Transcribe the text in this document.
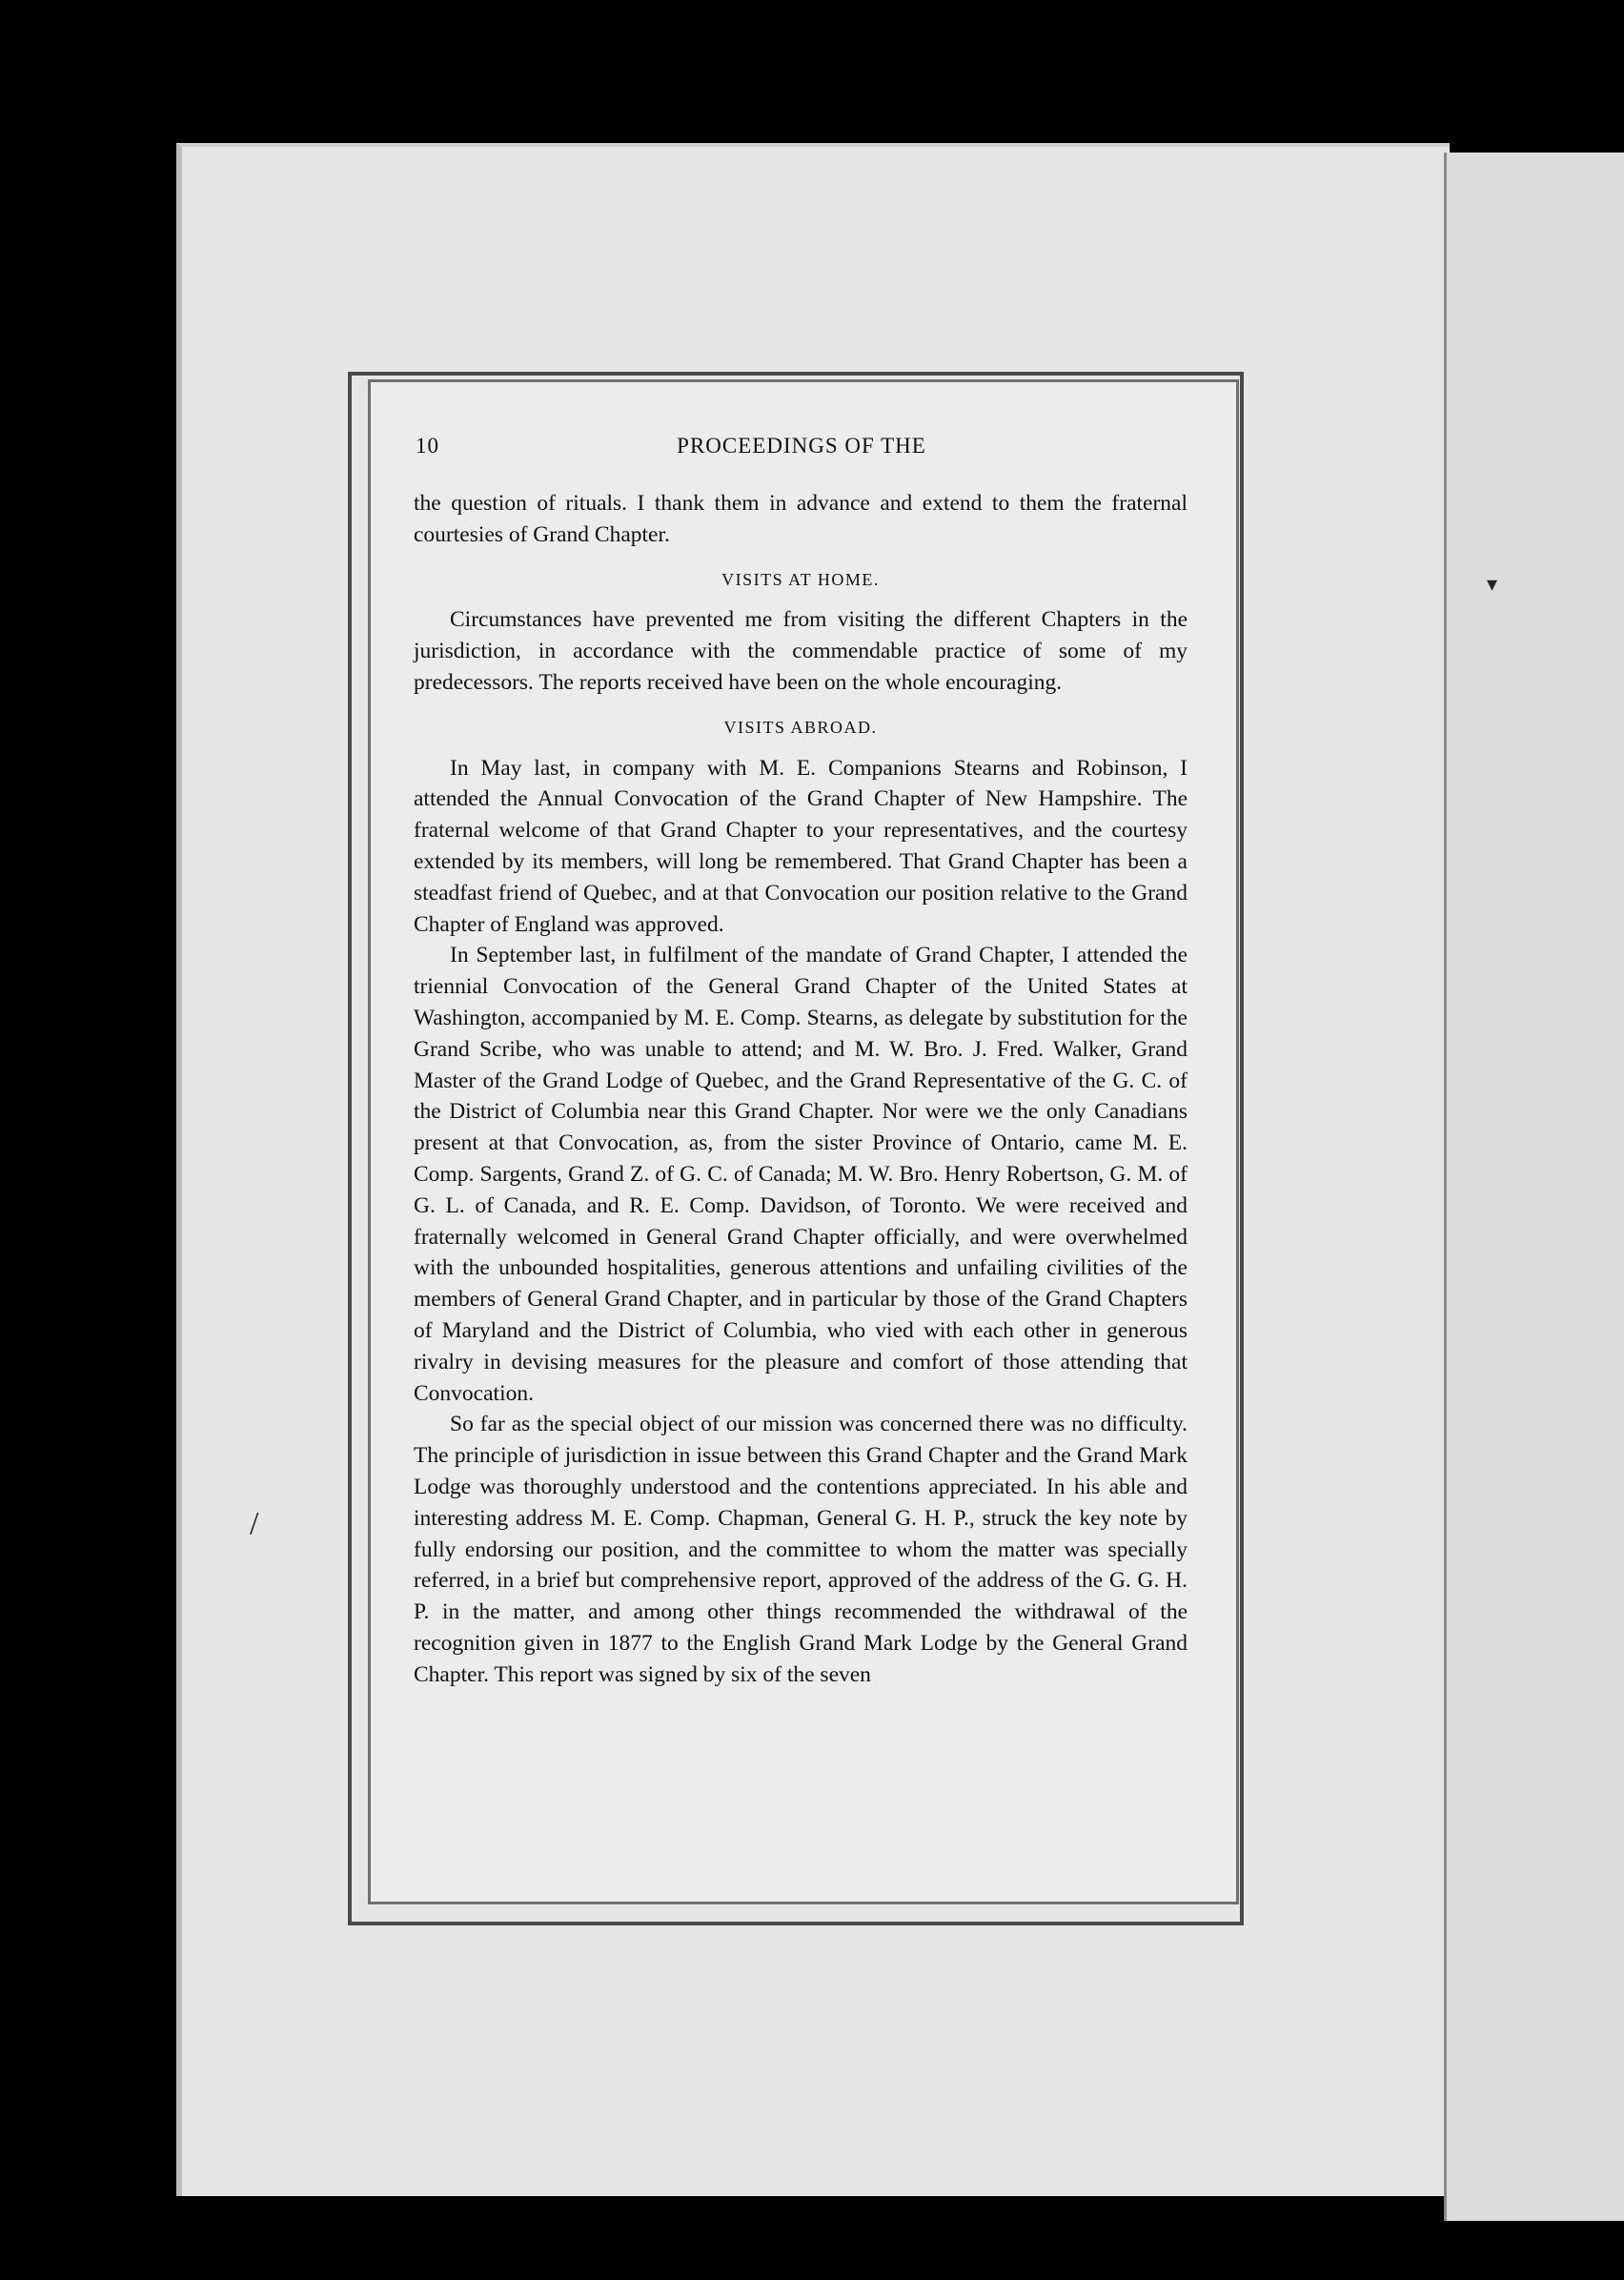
10	PROCEEDINGS OF THE

the question of rituals. I thank them in advance and extend to them the fraternal courtesies of Grand Chapter.

VISITS AT HOME.

Circumstances have prevented me from visiting the different Chapters in the jurisdiction, in accordance with the commendable practice of some of my predecessors. The reports received have been on the whole encouraging.

VISITS ABROAD.

In May last, in company with M. E. Companions Stearns and Robinson, I attended the Annual Convocation of the Grand Chapter of New Hampshire. The fraternal welcome of that Grand Chapter to your representatives, and the courtesy extended by its members, will long be remembered. That Grand Chapter has been a steadfast friend of Quebec, and at that Convocation our position relative to the Grand Chapter of England was approved.

In September last, in fulfilment of the mandate of Grand Chapter, I attended the triennial Convocation of the General Grand Chapter of the United States at Washington, accompanied by M. E. Comp. Stearns, as delegate by substitution for the Grand Scribe, who was unable to attend; and M. W. Bro. J. Fred. Walker, Grand Master of the Grand Lodge of Quebec, and the Grand Representative of the G. C. of the District of Columbia near this Grand Chapter. Nor were we the only Canadians present at that Convocation, as, from the sister Province of Ontario, came M. E. Comp. Sargents, Grand Z. of G. C. of Canada; M. W. Bro. Henry Robertson, G. M. of G. L. of Canada, and R. E. Comp. Davidson, of Toronto. We were received and fraternally welcomed in General Grand Chapter officially, and were overwhelmed with the unbounded hospitalities, generous attentions and unfailing civilities of the members of General Grand Chapter, and in particular by those of the Grand Chapters of Maryland and the District of Columbia, who vied with each other in generous rivalry in devising measures for the pleasure and comfort of those attending that Convocation.

So far as the special object of our mission was concerned there was no difficulty. The principle of jurisdiction in issue between this Grand Chapter and the Grand Mark Lodge was thoroughly understood and the contentions appreciated. In his able and interesting address M. E. Comp. Chapman, General G. H. P., struck the key note by fully endorsing our position, and the committee to whom the matter was specially referred, in a brief but comprehensive report, approved of the address of the G. G. H. P. in the matter, and among other things recommended the withdrawal of the recognition given in 1877 to the English Grand Mark Lodge by the General Grand Chapter. This report was signed by six of the seven

/
▾
